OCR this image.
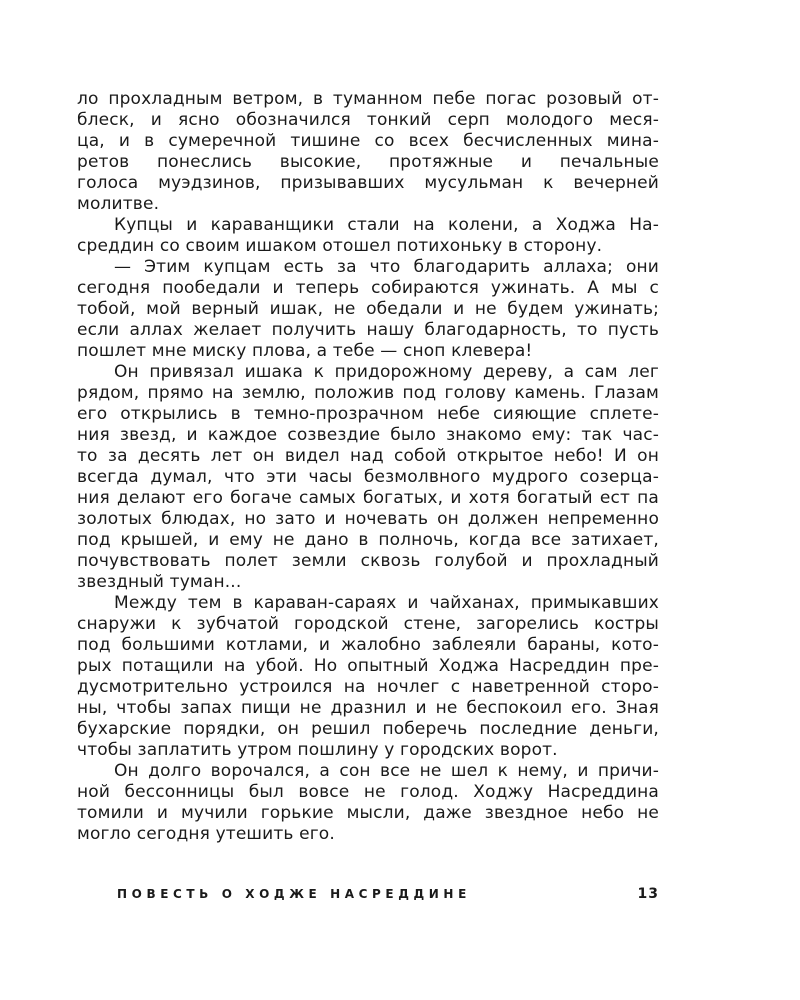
ло прохладным ветром, в туманном пебе погас розовый от-
блеск, и ясно обозначился тонкий серп молодого меся-
ца, и в сумеречной тишине со всех бесчисленных мина-
ретов понеслись высокие, протяжные и печальные
голоса муэдзинов, призывавших мусульман к вечерней
молитве.
Купцы и караванщики стали на колени, а Ходжа На-
среддин со своим ишаком отошел потихоньку в сторону.
— Этим купцам есть за что благодарить аллаха; они
сегодня пообедали и теперь собираются ужинать. А мы с
тобой, мой верный ишак, не обедали и не будем ужинать;
если аллах желает получить нашу благодарность, то пусть
пошлет мне миску плова, а тебе — сноп клевера!
Он привязал ишака к придорожному дереву, а сам лег
рядом, прямо на землю, положив под голову камень. Глазам
его открылись в темно-прозрачном небе сияющие сплете-
ния звезд, и каждое созвездие было знакомо ему: так час-
то за десять лет он видел над собой открытое небо! И он
всегда думал, что эти часы безмолвного мудрого созерца-
ния делают его богаче самых богатых, и хотя богатый ест па
золотых блюдах, но зато и ночевать он должен непременно
под крышей, и ему не дано в полночь, когда все затихает,
почувствовать полет земли сквозь голубой и прохладный
звездный туман...
Между тем в караван-сараях и чайханах, примыкавших
снаружи к зубчатой городской стене, загорелись костры
под большими котлами, и жалобно заблеяли бараны, кото-
рых потащили на убой. Но опытный Ходжа Насреддин пре-
дусмотрительно устроился на ночлег с наветренной сторо-
ны, чтобы запах пищи не дразнил и не беспокоил его. Зная
бухарские порядки, он решил поберечь последние деньги,
чтобы заплатить утром пошлину у городских ворот.
Он долго ворочался, а сон все не шел к нему, и причи-
ной бессонницы был вовсе не голод. Ходжу Насреддина
томили и мучили горькие мысли, даже звездное небо не
могло сегодня утешить его.
ПОВЕСТЬ О ХОДЖЕ НАСРЕДДИНЕ	13
